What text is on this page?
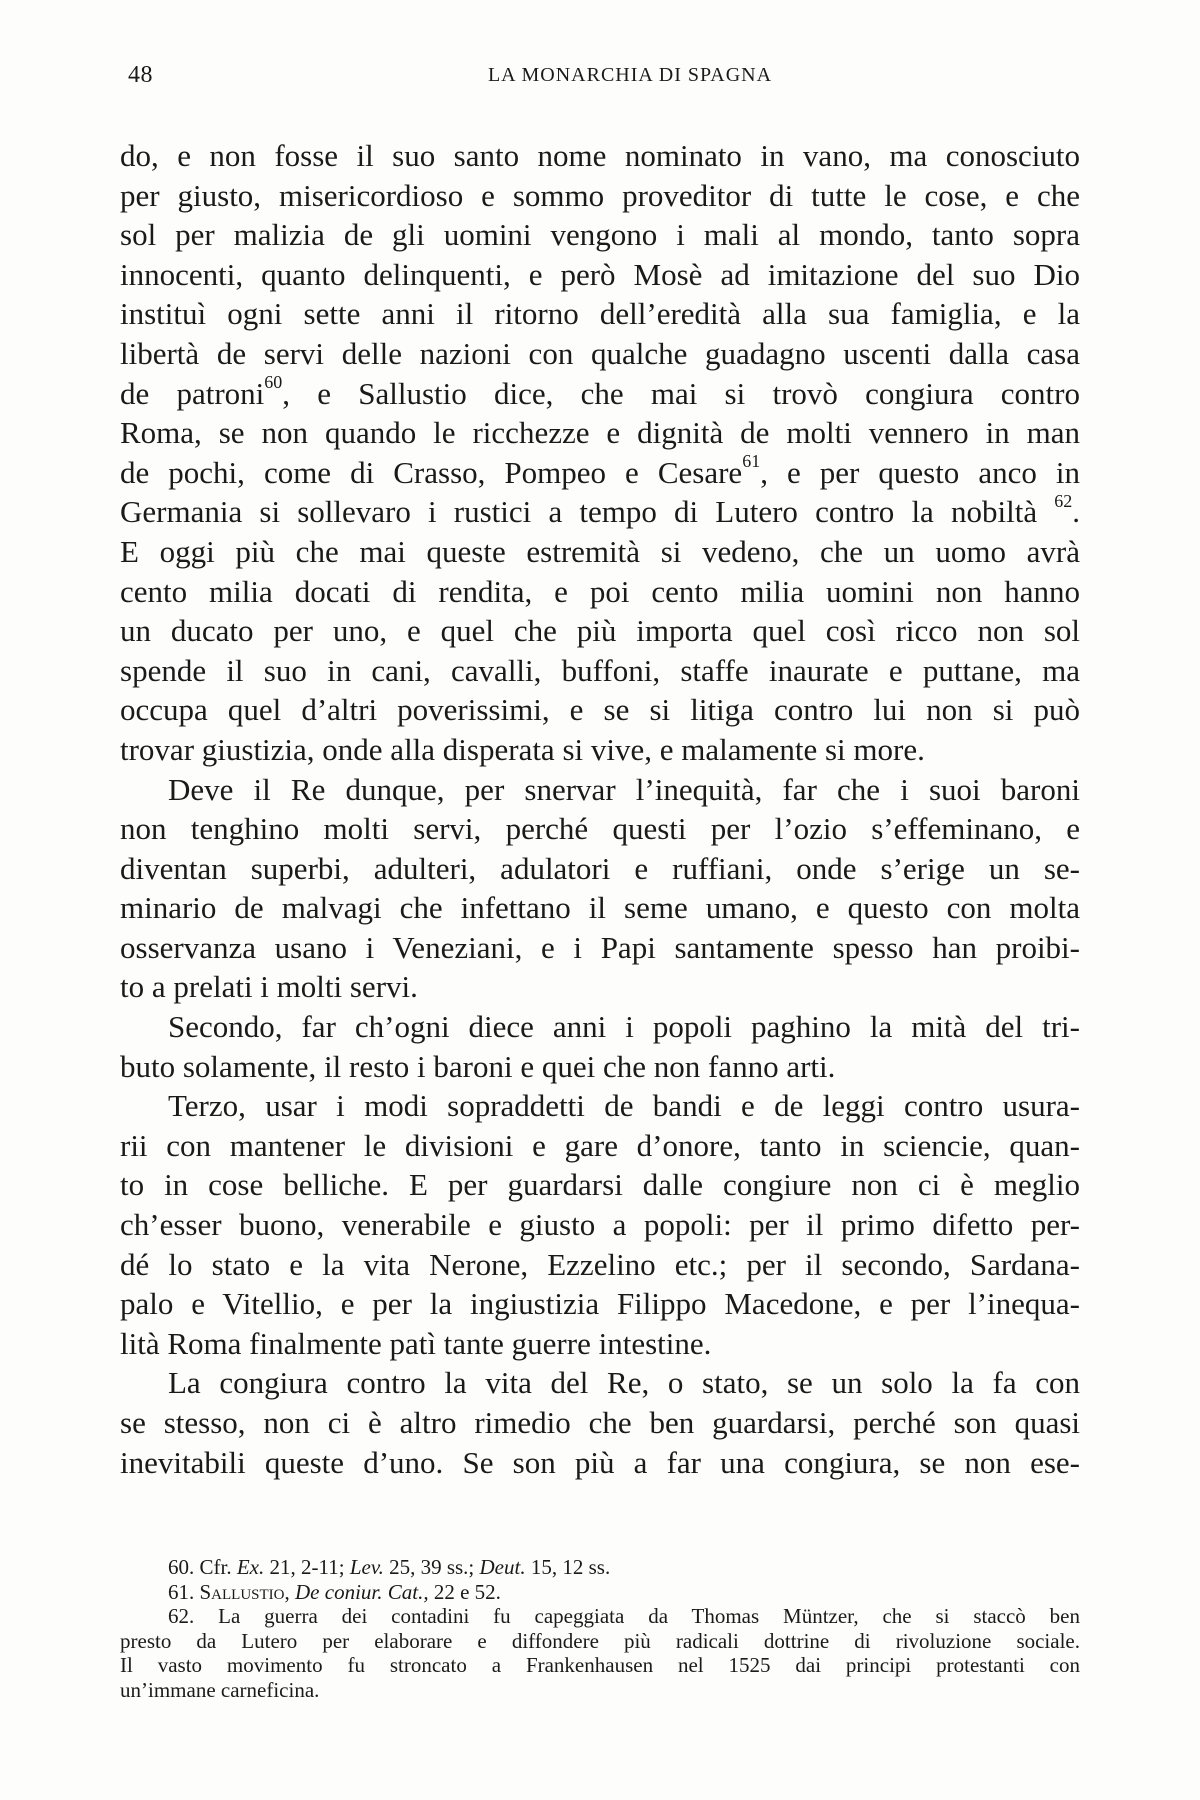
48	LA MONARCHIA DI SPAGNA
do, e non fosse il suo santo nome nominato in vano, ma conosciuto
per giusto, misericordioso e sommo proveditor di tutte le cose, e che
sol per malizia de gli uomini vengono i mali al mondo, tanto sopra
innocenti, quanto delinquenti, e però Mosè ad imitazione del suo Dio
instituì ogni sette anni il ritorno dell’eredità alla sua famiglia, e la
libertà de servi delle nazioni con qualche guadagno uscenti dalla casa
de patroni$^{60}$, e Sallustio dice, che mai si trovò congiura contro
Roma, se non quando le ricchezze e dignità de molti vennero in man
de pochi, come di Crasso, Pompeo e Cesare$^{61}$, e per questo anco in
Germania si sollevaro i rustici a tempo di Lutero contro la nobiltà $^{62}$.
E oggi più che mai queste estremità si vedeno, che un uomo avrà
cento milia docati di rendita, e poi cento milia uomini non hanno
un ducato per uno, e quel che più importa quel così ricco non sol
spende il suo in cani, cavalli, buffoni, staffe inaurate e puttane, ma
occupa quel d’altri poverissimi, e se si litiga contro lui non si può
trovar giustizia, onde alla disperata si vive, e malamente si more.
Deve il Re dunque, per snervar l’inequità, far che i suoi baroni
non tenghino molti servi, perché questi per l’ozio s’effeminano, e
diventan superbi, adulteri, adulatori e ruffiani, onde s’erige un se-
minario de malvagi che infettano il seme umano, e questo con molta
osservanza usano i Veneziani, e i Papi santamente spesso han proibi-
to a prelati i molti servi.
Secondo, far ch’ogni diece anni i popoli paghino la mità del tri-
buto solamente, il resto i baroni e quei che non fanno arti.
Terzo, usar i modi sopraddetti de bandi e de leggi contro usura-
rii con mantener le divisioni e gare d’onore, tanto in sciencie, quan-
to in cose belliche. E per guardarsi dalle congiure non ci è meglio
ch’esser buono, venerabile e giusto a popoli: per il primo difetto per-
dé lo stato e la vita Nerone, Ezzelino etc.; per il secondo, Sardana-
palo e Vitellio, e per la ingiustizia Filippo Macedone, e per l’inequa-
lità Roma finalmente patì tante guerre intestine.
La congiura contro la vita del Re, o stato, se un solo la fa con
se stesso, non ci è altro rimedio che ben guardarsi, perché son quasi
inevitabili queste d’uno. Se son più a far una congiura, se non ese-
60. Cfr. Ex. 21, 2-11; Lev. 25, 39 ss.; Deut. 15, 12 ss.
61. Sallustio, De coniur. Cat., 22 e 52.
62. La guerra dei contadini fu capeggiata da Thomas Müntzer, che si staccò ben
presto da Lutero per elaborare e diffondere più radicali dottrine di rivoluzione sociale.
Il vasto movimento fu stroncato a Frankenhausen nel 1525 dai principi protestanti con
un’immane carneficina.
